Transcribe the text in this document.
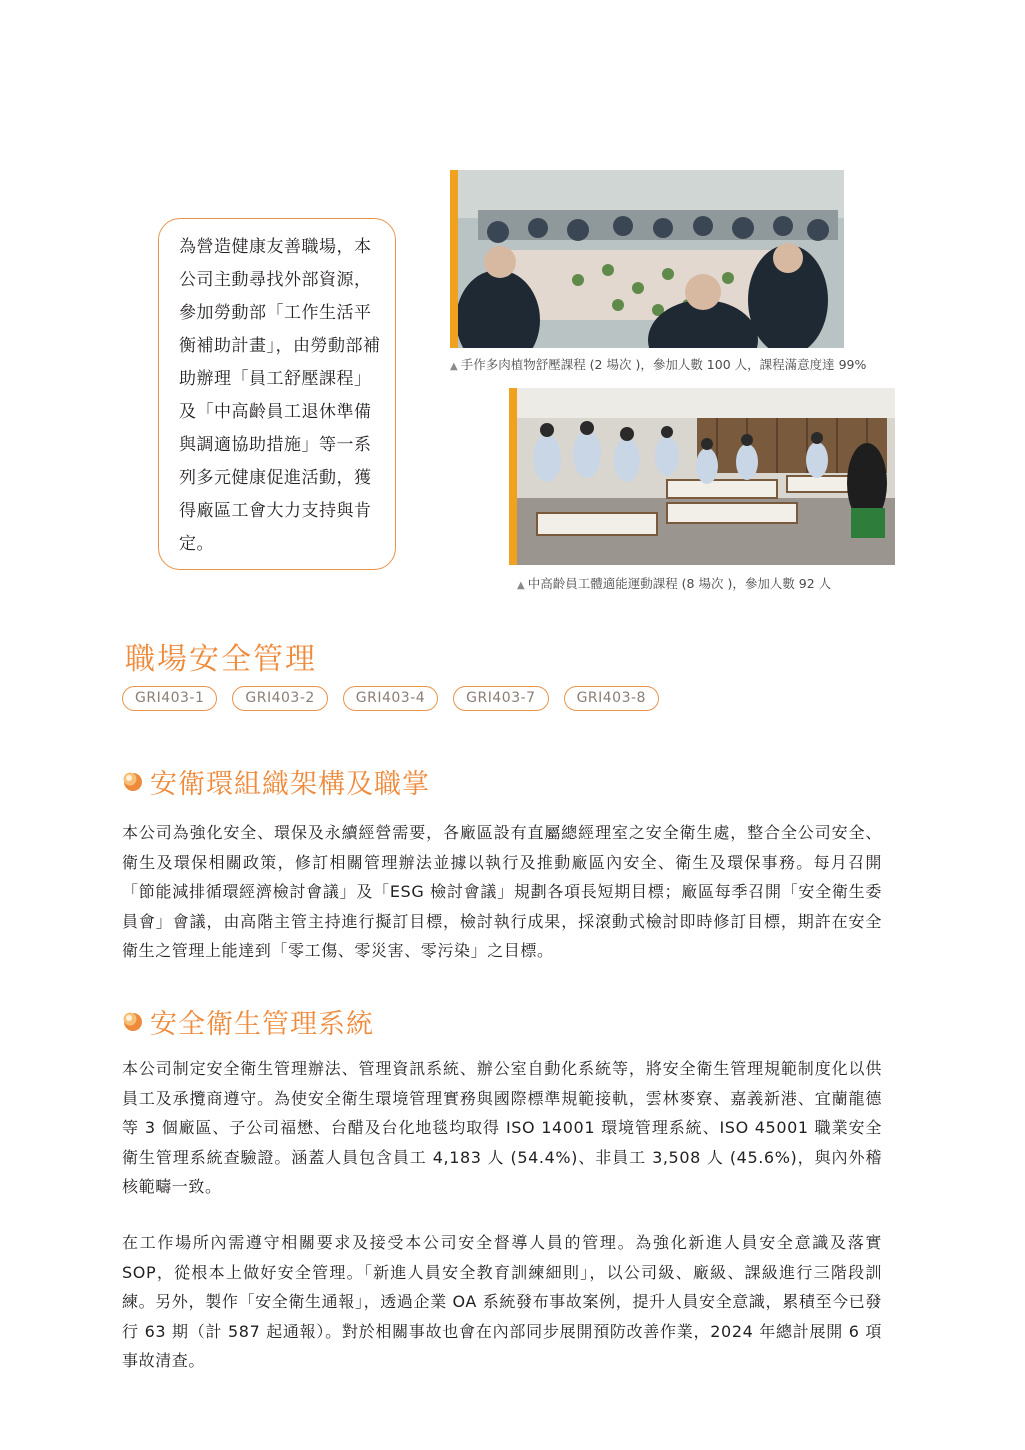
為營造健康友善職場，本公司主動尋找外部資源，參加勞動部「工作生活平衡補助計畫」，由勞動部補助辦理「員工舒壓課程」及「中高齡員工退休準備與調適協助措施」等一系列多元健康促進活動，獲得廠區工會大力支持與肯定。

▲ 手作多肉植物舒壓課程 (2 場次 )，參加人數 100 人，課程滿意度達 99%
▲ 中高齡員工體適能運動課程 (8 場次 )，參加人數 92 人
職場安全管理
GRI403-1	GRI403-2	GRI403-4	GRI403-7	GRI403-8
安衛環組織架構及職掌

本公司為強化安全、環保及永續經營需要，各廠區設有直屬總經理室之安全衛生處，整合全公司安全、衛生及環保相關政策，修訂相關管理辦法並據以執行及推動廠區內安全、衛生及環保事務。每月召開「節能減排循環經濟檢討會議」及「ESG 檢討會議」規劃各項長短期目標；廠區每季召開「安全衛生委員會」會議，由高階主管主持進行擬訂目標，檢討執行成果，採滾動式檢討即時修訂目標，期許在安全衛生之管理上能達到「零工傷、零災害、零污染」之目標。

安全衛生管理系統

本公司制定安全衛生管理辦法、管理資訊系統、辦公室自動化系統等，將安全衛生管理規範制度化以供員工及承攬商遵守。為使安全衛生環境管理實務與國際標準規範接軌，雲林麥寮、嘉義新港、宜蘭龍德等 3 個廠區、子公司福懋、台醋及台化地毯均取得 ISO 14001 環境管理系統、ISO 45001 職業安全衛生管理系統查驗證。涵蓋人員包含員工 4,183 人 (54.4%)、非員工 3,508 人 (45.6%)，與內外稽核範疇一致。

在工作場所內需遵守相關要求及接受本公司安全督導人員的管理。為強化新進人員安全意識及落實 SOP，從根本上做好安全管理。「新進人員安全教育訓練細則」，以公司級、廠級、課級進行三階段訓練。另外，製作「安全衛生通報」，透過企業 OA 系統發布事故案例，提升人員安全意識，累積至今已發行 63 期（計 587 起通報）。對於相關事故也會在內部同步展開預防改善作業，2024 年總計展開 6 項事故清查。
